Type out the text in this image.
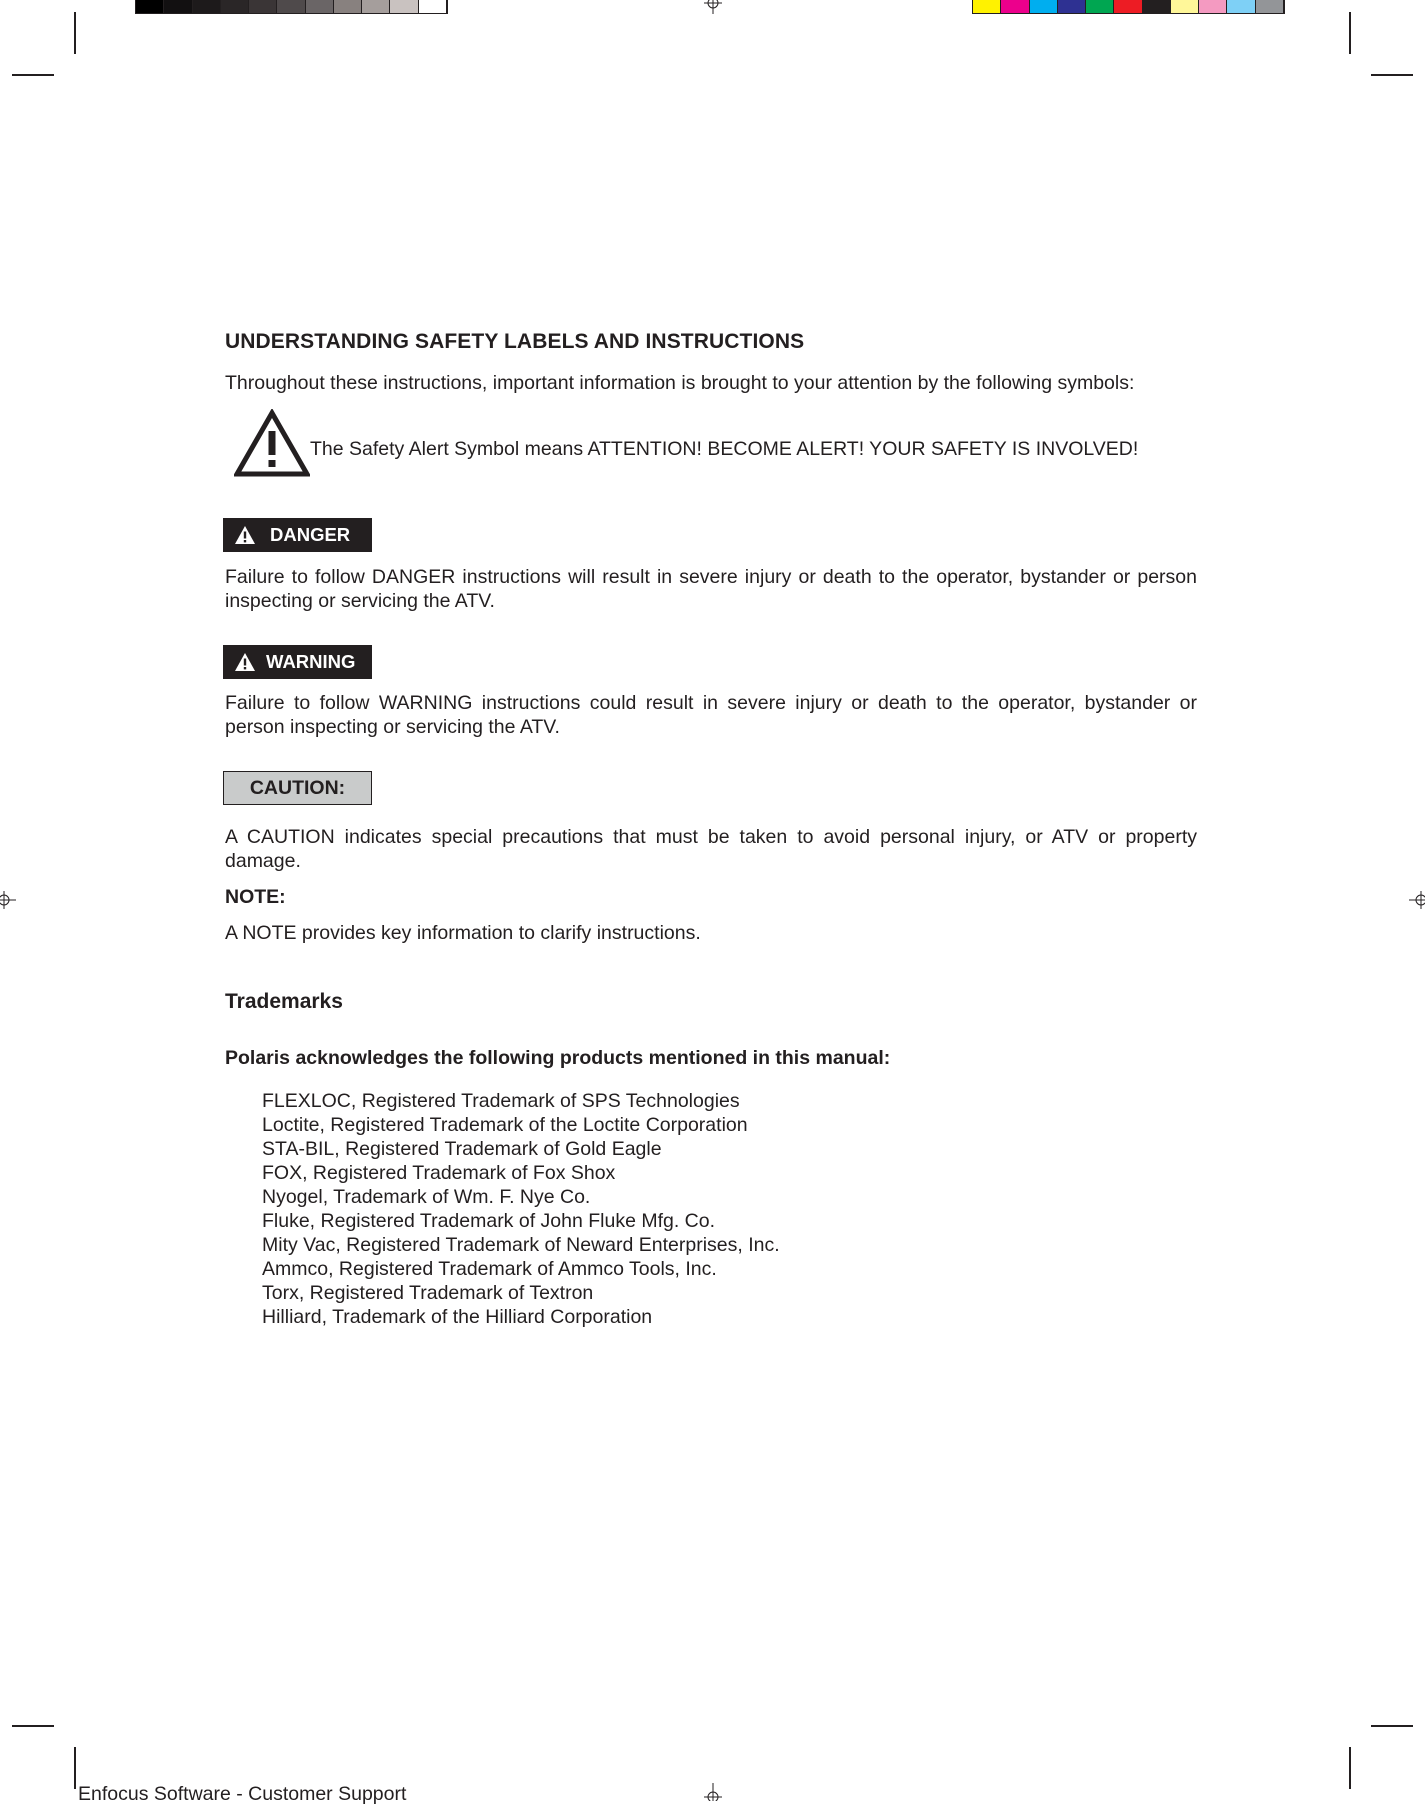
UNDERSTANDING SAFETY LABELS AND INSTRUCTIONS
Throughout these instructions, important information is brought to your attention by the following symbols:
The Safety Alert Symbol means ATTENTION! BECOME ALERT! YOUR SAFETY IS INVOLVED!
DANGER
Failure to follow DANGER instructions will result in severe injury or death to the operator, bystander or person inspecting or servicing the ATV.
WARNING
Failure to follow WARNING instructions could result in severe injury or death to the operator, bystander or person inspecting or servicing the ATV.
CAUTION:
A CAUTION indicates special precautions that must be taken to avoid personal injury, or ATV or property damage.
NOTE:
A NOTE provides key information to clarify instructions.
Trademarks
Polaris acknowledges the following products mentioned in this manual:
FLEXLOC, Registered Trademark of SPS Technologies
Loctite, Registered Trademark of the Loctite Corporation
STA-BIL, Registered Trademark of Gold Eagle
FOX, Registered Trademark of Fox Shox
Nyogel, Trademark of Wm. F. Nye Co.
Fluke, Registered Trademark of John Fluke Mfg. Co.
Mity Vac, Registered Trademark of Neward Enterprises, Inc.
Ammco, Registered Trademark of Ammco Tools, Inc.
Torx, Registered Trademark of Textron
Hilliard, Trademark of the Hilliard Corporation
Enfocus Software - Customer Support
